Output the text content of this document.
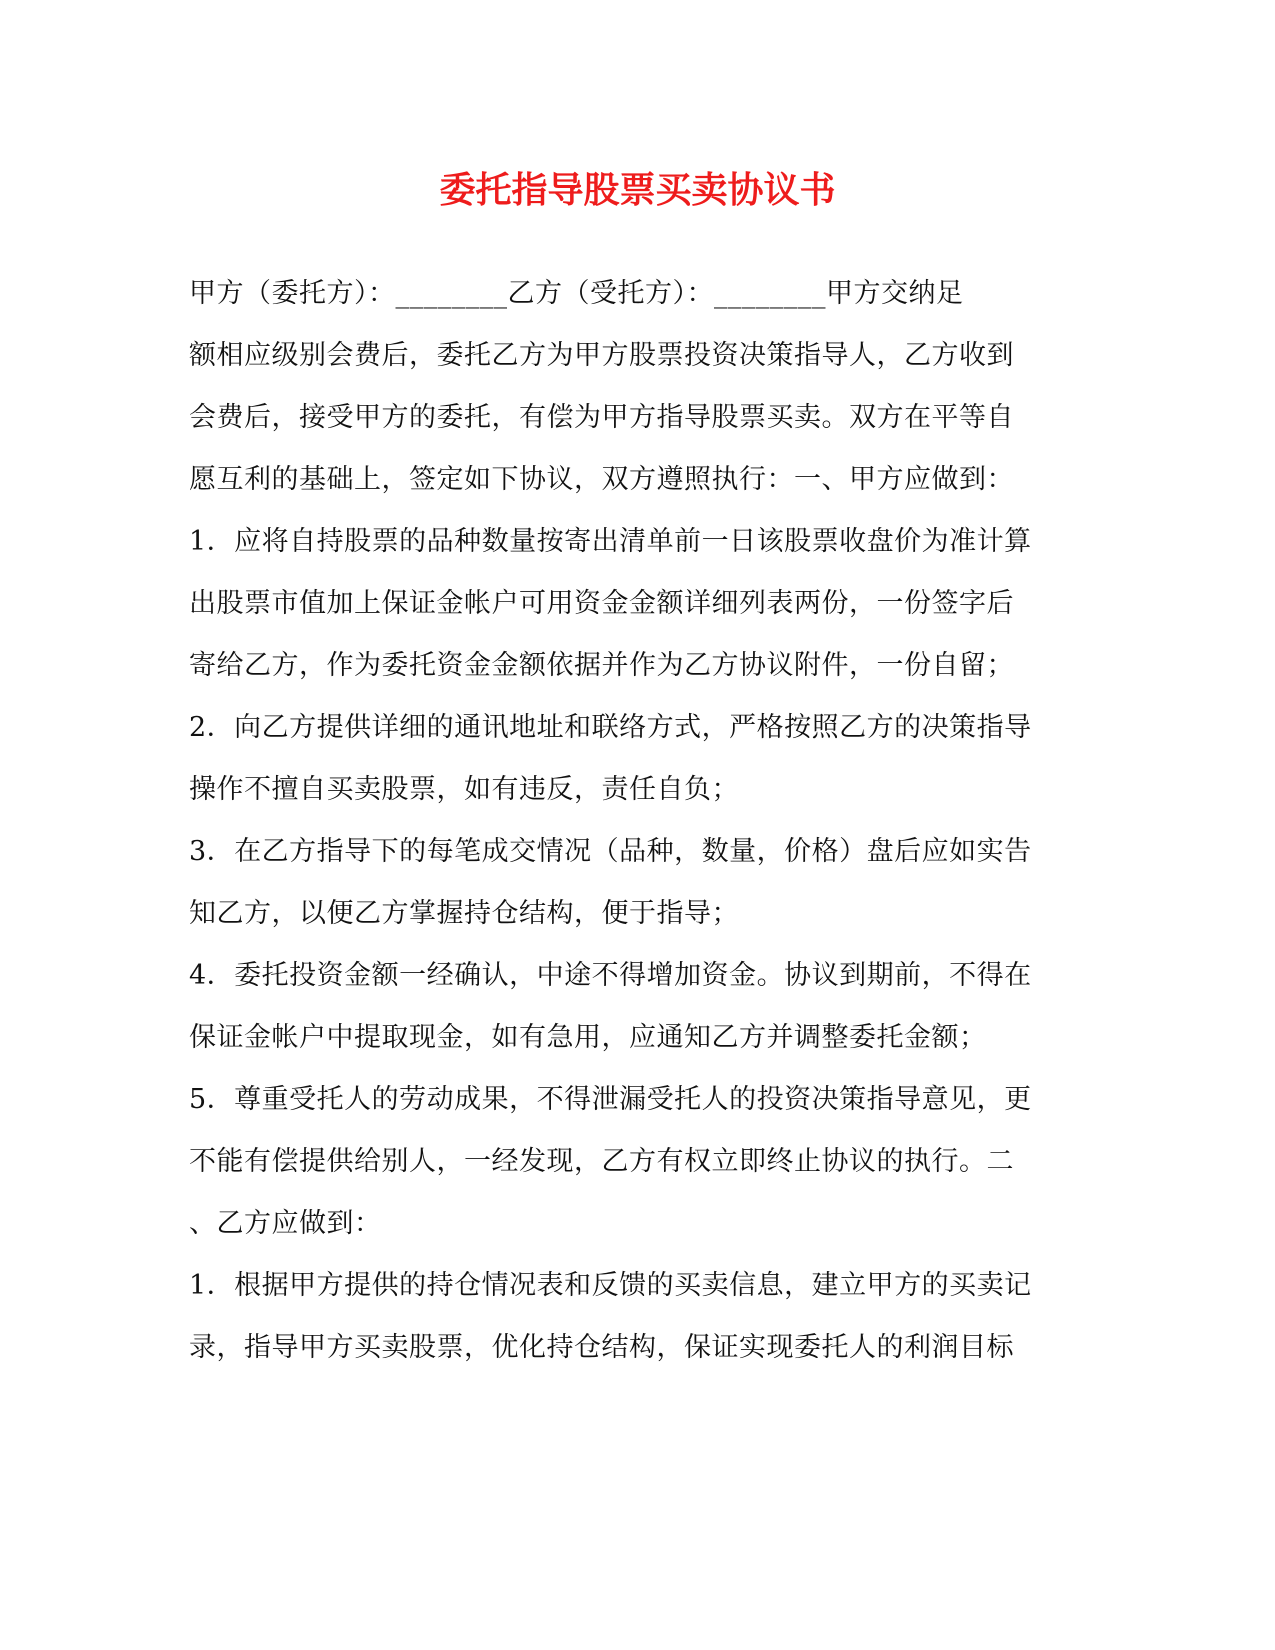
委托指导股票买卖协议书

甲方（委托方）：________乙方（受托方）：________甲方交纳足

额相应级别会费后，委托乙方为甲方股票投资决策指导人，乙方收到

会费后，接受甲方的委托，有偿为甲方指导股票买卖。双方在平等自

愿互利的基础上，签定如下协议，双方遵照执行：一、甲方应做到：

1．应将自持股票的品种数量按寄出清单前一日该股票收盘价为准计算

出股票市值加上保证金帐户可用资金金额详细列表两份，一份签字后

寄给乙方，作为委托资金金额依据并作为乙方协议附件，一份自留；

2．向乙方提供详细的通讯地址和联络方式，严格按照乙方的决策指导

操作不擅自买卖股票，如有违反，责任自负；

3．在乙方指导下的每笔成交情况（品种，数量，价格）盘后应如实告

知乙方，以便乙方掌握持仓结构，便于指导；

4．委托投资金额一经确认，中途不得增加资金。协议到期前，不得在

保证金帐户中提取现金，如有急用，应通知乙方并调整委托金额；

5．尊重受托人的劳动成果，不得泄漏受托人的投资决策指导意见，更

不能有偿提供给别人，一经发现，乙方有权立即终止协议的执行。二

、乙方应做到：

1．根据甲方提供的持仓情况表和反馈的买卖信息，建立甲方的买卖记

录，指导甲方买卖股票，优化持仓结构，保证实现委托人的利润目标
